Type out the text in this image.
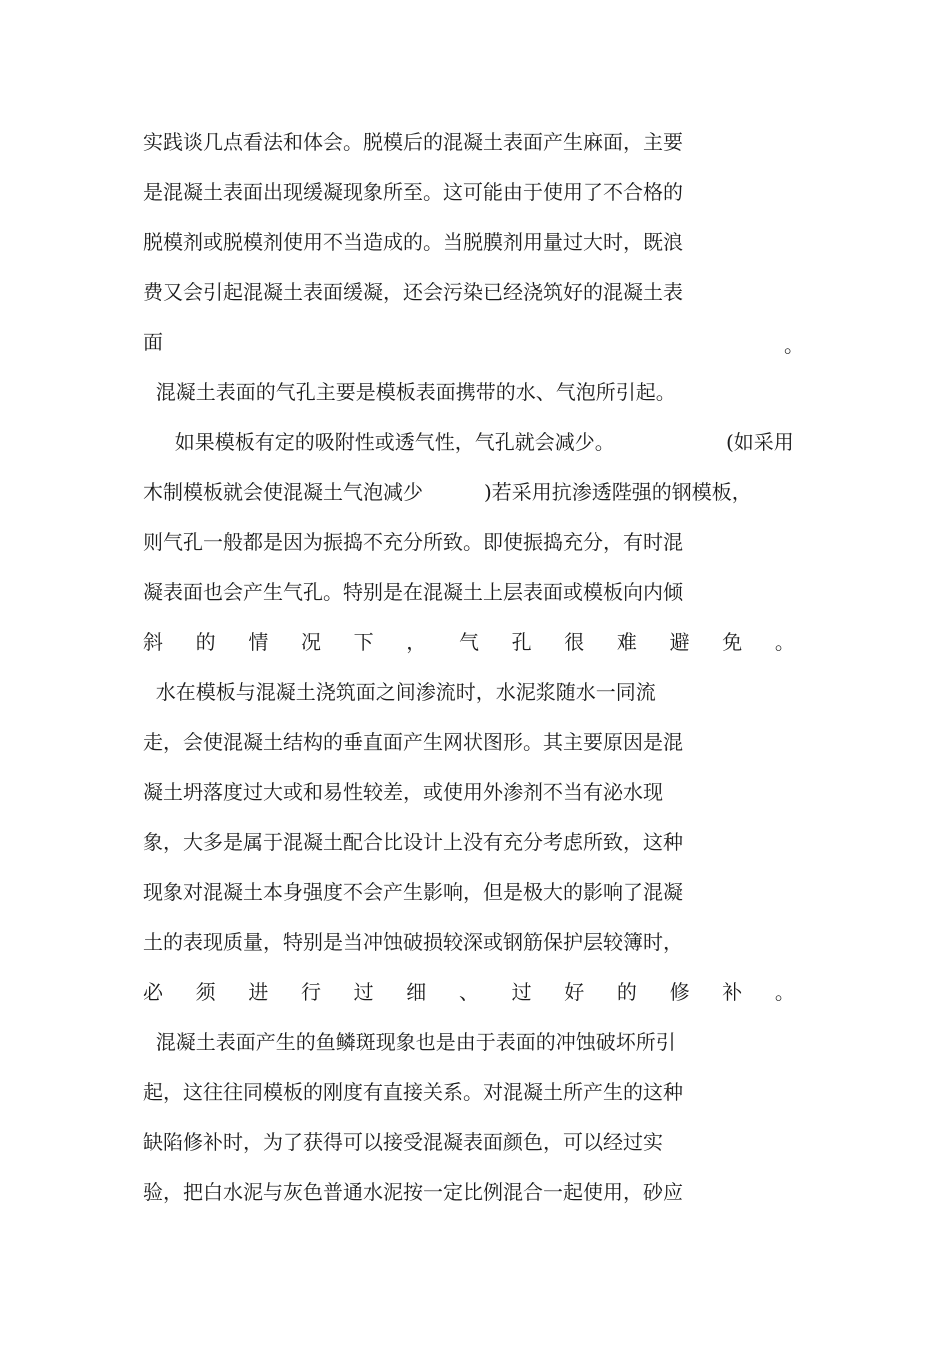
实践谈几点看法和体会。脱模后的混凝土表面产生麻面，主要
是混凝土表面出现缓凝现象所至。这可能由于使用了不合格的
脱模剂或脱模剂使用不当造成的。当脱膜剂用量过大时，既浪
费又会引起混凝土表面缓凝，还会污染已经浇筑好的混凝土表
面	。
混凝土表面的气孔主要是模板表面携带的水、气泡所引起。
如果模板有定的吸附性或透气性，气孔就会减少。	(如采用
木制模板就会使混凝土气泡减少	)若采用抗渗透陛强的钢模板，
则气孔一般都是因为振捣不充分所致。即使振捣充分，有时混
凝表面也会产生气孔。特别是在混凝土上层表面或模板向内倾
斜 的 情 况 下 ， 气 孔 很 难 避 免 。
水在模板与混凝土浇筑面之间渗流时，水泥浆随水一同流
走，会使混凝土结构的垂直面产生网状图形。其主要原因是混
凝土坍落度过大或和易性较差，或使用外渗剂不当有泌水现
象，大多是属于混凝土配合比设计上没有充分考虑所致，这种
现象对混凝土本身强度不会产生影响，但是极大的影响了混凝
土的表现质量，特别是当冲蚀破损较深或钢筋保护层较簿时，
必 须 进 行 过 细 、 过 好 的 修 补 。
混凝土表面产生的鱼鳞斑现象也是由于表面的冲蚀破坏所引
起，这往往同模板的刚度有直接关系。对混凝土所产生的这种
缺陷修补时，为了获得可以接受混凝表面颜色，可以经过实
验，把白水泥与灰色普通水泥按一定比例混合一起使用，砂应
